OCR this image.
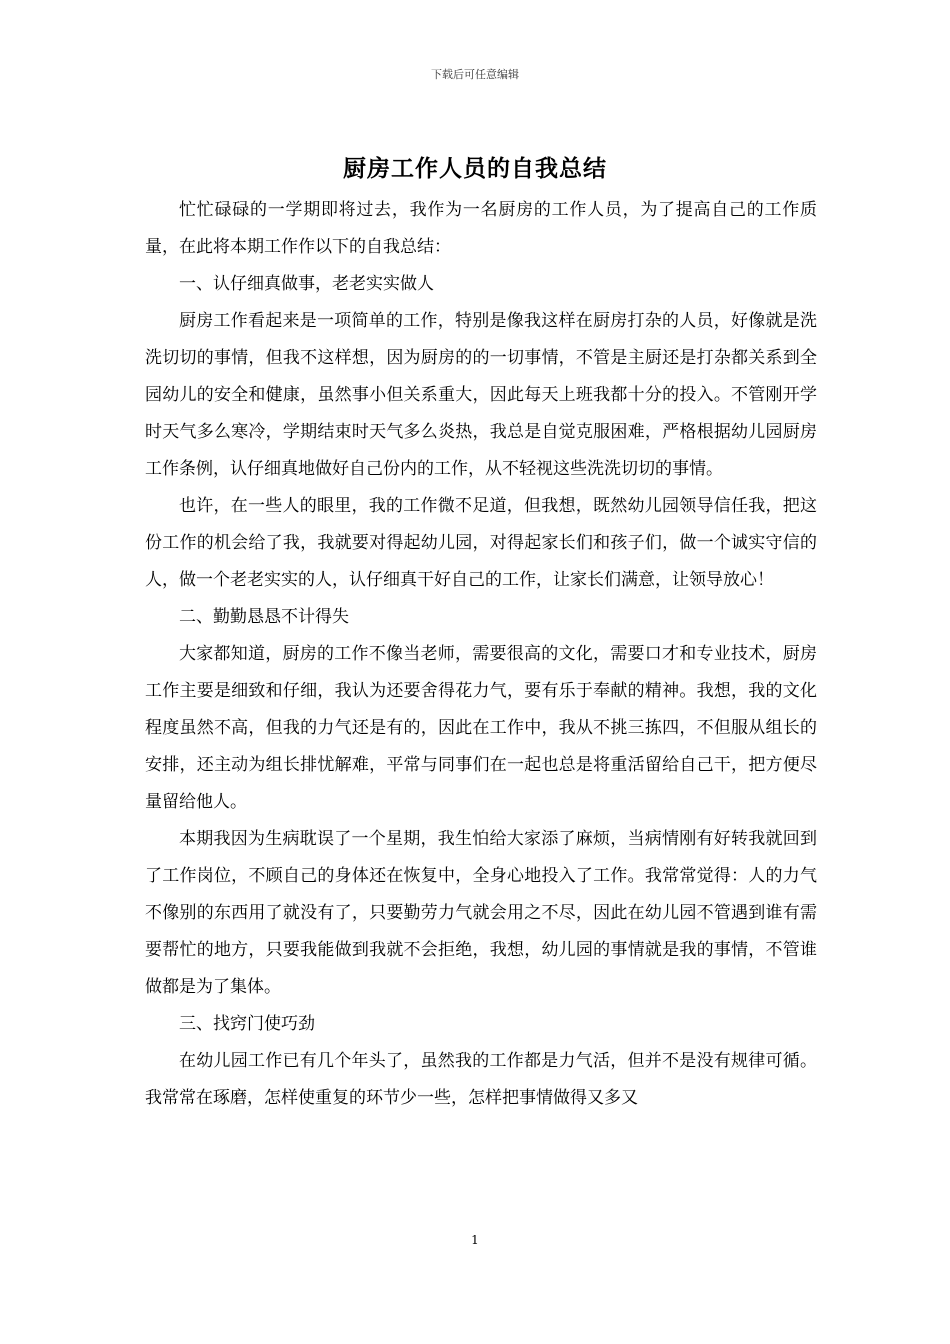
下载后可任意编辑
厨房工作人员的自我总结

忙忙碌碌的一学期即将过去，我作为一名厨房的工作人员，为了提高自己的工作质量，在此将本期工作作以下的自我总结：

一、认仔细真做事，老老实实做人

厨房工作看起来是一项简单的工作，特别是像我这样在厨房打杂的人员，好像就是洗洗切切的事情，但我不这样想，因为厨房的的一切事情，不管是主厨还是打杂都关系到全园幼儿的安全和健康，虽然事小但关系重大，因此每天上班我都十分的投入。不管刚开学时天气多么寒冷，学期结束时天气多么炎热，我总是自觉克服困难，严格根据幼儿园厨房工作条例，认仔细真地做好自己份内的工作，从不轻视这些洗洗切切的事情。

也许，在一些人的眼里，我的工作微不足道，但我想，既然幼儿园领导信任我，把这份工作的机会给了我，我就要对得起幼儿园，对得起家长们和孩子们，做一个诚实守信的人，做一个老老实实的人，认仔细真干好自己的工作，让家长们满意，让领导放心！

二、勤勤恳恳不计得失

大家都知道，厨房的工作不像当老师，需要很高的文化，需要口才和专业技术，厨房工作主要是细致和仔细，我认为还要舍得花力气，要有乐于奉献的精神。我想，我的文化程度虽然不高，但我的力气还是有的，因此在工作中，我从不挑三拣四，不但服从组长的安排，还主动为组长排忧解难，平常与同事们在一起也总是将重活留给自己干，把方便尽量留给他人。

本期我因为生病耽误了一个星期，我生怕给大家添了麻烦，当病情刚有好转我就回到了工作岗位，不顾自己的身体还在恢复中，全身心地投入了工作。我常常觉得：人的力气不像别的东西用了就没有了，只要勤劳力气就会用之不尽，因此在幼儿园不管遇到谁有需要帮忙的地方，只要我能做到我就不会拒绝，我想，幼儿园的事情就是我的事情，不管谁做都是为了集体。

三、找窍门使巧劲

在幼儿园工作已有几个年头了，虽然我的工作都是力气活，但并不是没有规律可循。我常常在琢磨，怎样使重复的环节少一些，怎样把事情做得又多又

1
